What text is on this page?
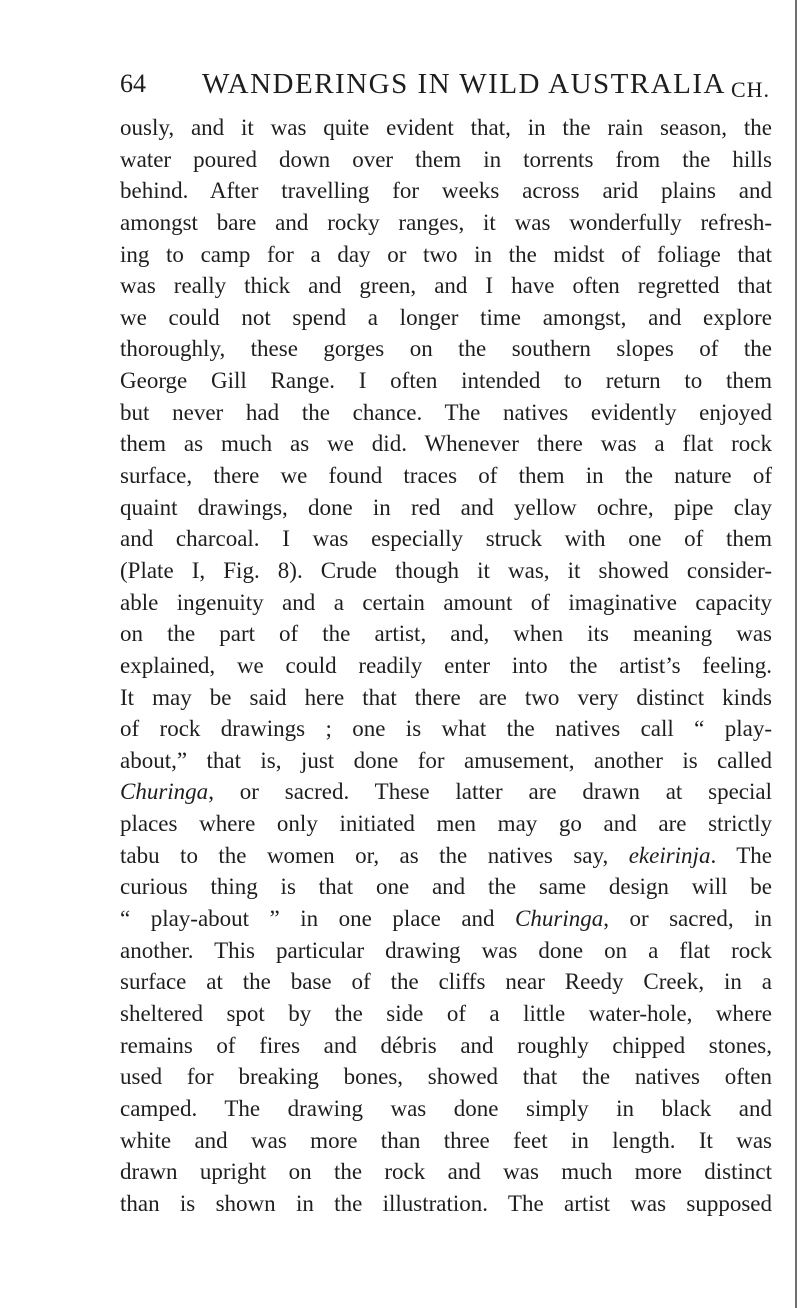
64 WANDERINGS IN WILD AUSTRALIA CH.
ously, and it was quite evident that, in the rain season, the
water poured down over them in torrents from the hills
behind. After travelling for weeks across arid plains and
amongst bare and rocky ranges, it was wonderfully refresh-
ing to camp for a day or two in the midst of foliage that
was really thick and green, and I have often regretted that
we could not spend a longer time amongst, and explore
thoroughly, these gorges on the southern slopes of the
George Gill Range. I often intended to return to them
but never had the chance. The natives evidently enjoyed
them as much as we did. Whenever there was a flat rock
surface, there we found traces of them in the nature of
quaint drawings, done in red and yellow ochre, pipe clay
and charcoal. I was especially struck with one of them
(Plate I, Fig. 8). Crude though it was, it showed consider-
able ingenuity and a certain amount of imaginative capacity
on the part of the artist, and, when its meaning was
explained, we could readily enter into the artist’s feeling.
It may be said here that there are two very distinct kinds
of rock drawings ; one is what the natives call “ play-
about,” that is, just done for amusement, another is called
Churinga, or sacred. These latter are drawn at special
places where only initiated men may go and are strictly
tabu to the women or, as the natives say, ekeirinja. The
curious thing is that one and the same design will be
“ play-about ” in one place and Churinga, or sacred, in
another. This particular drawing was done on a flat rock
surface at the base of the cliffs near Reedy Creek, in a
sheltered spot by the side of a little water-hole, where
remains of fires and débris and roughly chipped stones,
used for breaking bones, showed that the natives often
camped. The drawing was done simply in black and
white and was more than three feet in length. It was
drawn upright on the rock and was much more distinct
than is shown in the illustration. The artist was supposed
